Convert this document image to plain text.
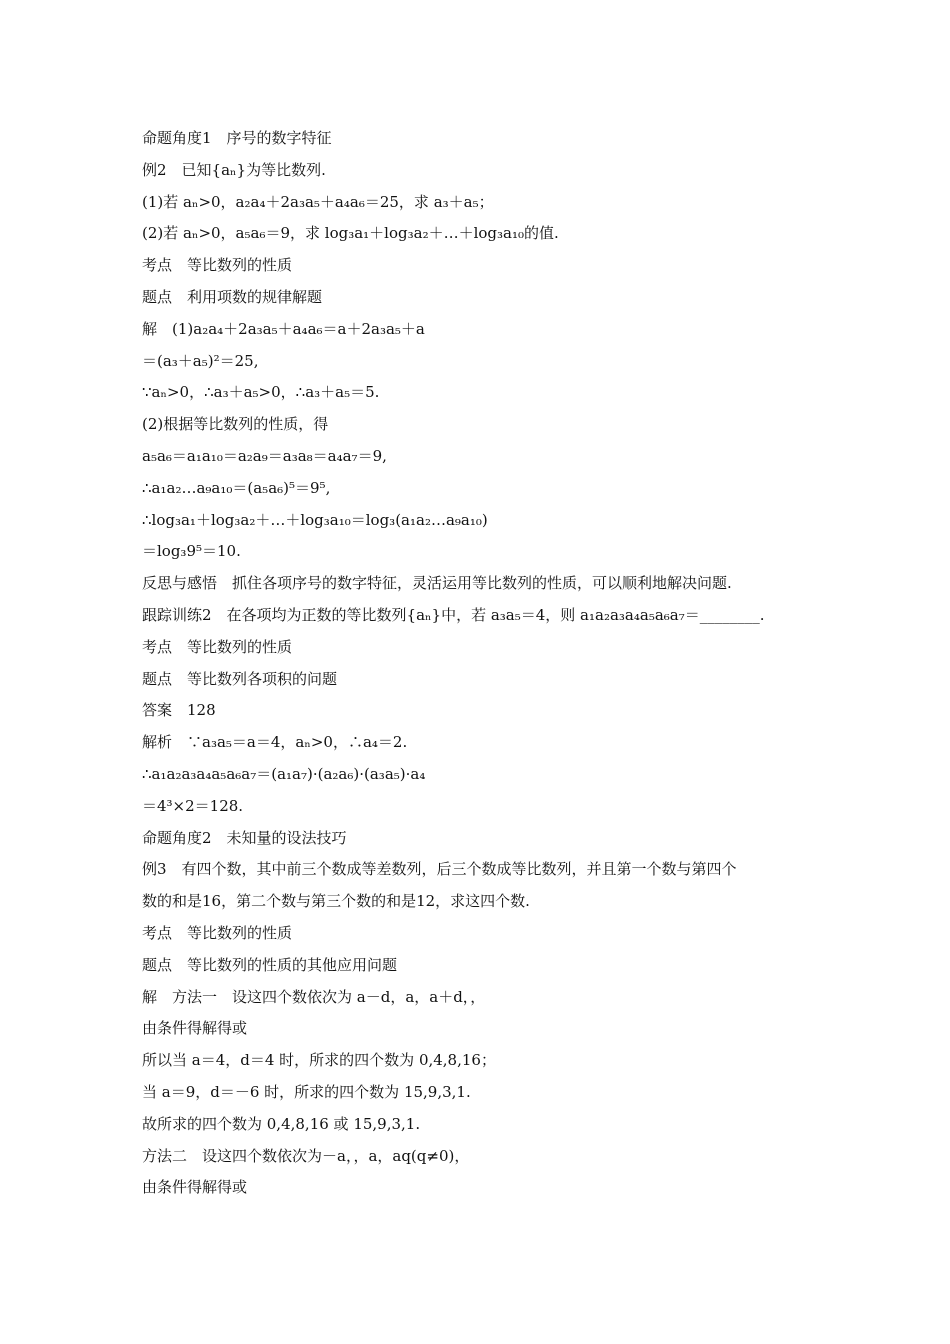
命题角度1　序号的数字特征
例2　已知{aₙ}为等比数列.
(1)若 aₙ>0，a₂a₄＋2a₃a₅＋a₄a₆＝25，求 a₃＋a₅；
(2)若 aₙ>0，a₅a₆＝9，求 log₃a₁＋log₃a₂＋…＋log₃a₁₀的值.
考点　等比数列的性质
题点　利用项数的规律解题
解　(1)a₂a₄＋2a₃a₅＋a₄a₆＝a＋2a₃a₅＋a
＝(a₃＋a₅)²＝25,
∵aₙ>0，∴a₃＋a₅>0，∴a₃＋a₅＝5.
(2)根据等比数列的性质，得
a₅a₆＝a₁a₁₀＝a₂a₉＝a₃a₈＝a₄a₇＝9,
∴a₁a₂…a₉a₁₀＝(a₅a₆)⁵＝9⁵,
∴log₃a₁＋log₃a₂＋…＋log₃a₁₀＝log₃(a₁a₂…a₉a₁₀)
＝log₃9⁵＝10.
反思与感悟　抓住各项序号的数字特征，灵活运用等比数列的性质，可以顺利地解决问题.
跟踪训练2　在各项均为正数的等比数列{aₙ}中，若 a₃a₅＝4，则 a₁a₂a₃a₄a₅a₆a₇＝________.
考点　等比数列的性质
题点　等比数列各项积的问题
答案　128
解析　∵a₃a₅＝a＝4，aₙ>0，∴a₄＝2.
∴a₁a₂a₃a₄a₅a₆a₇＝(a₁a₇)·(a₂a₆)·(a₃a₅)·a₄
＝4³×2＝128.
命题角度2　未知量的设法技巧
例3　有四个数，其中前三个数成等差数列，后三个数成等比数列，并且第一个数与第四个
数的和是16，第二个数与第三个数的和是12，求这四个数.
考点　等比数列的性质
题点　等比数列的性质的其他应用问题
解　方法一　设这四个数依次为 a－d，a，a＋d，，
由条件得解得或
所以当 a＝4，d＝4 时，所求的四个数为 0,4,8,16；
当 a＝9，d＝－6 时，所求的四个数为 15,9,3,1.
故所求的四个数为 0,4,8,16 或 15,9,3,1.
方法二　设这四个数依次为－a，，a，aq(q≠0)，
由条件得解得或
